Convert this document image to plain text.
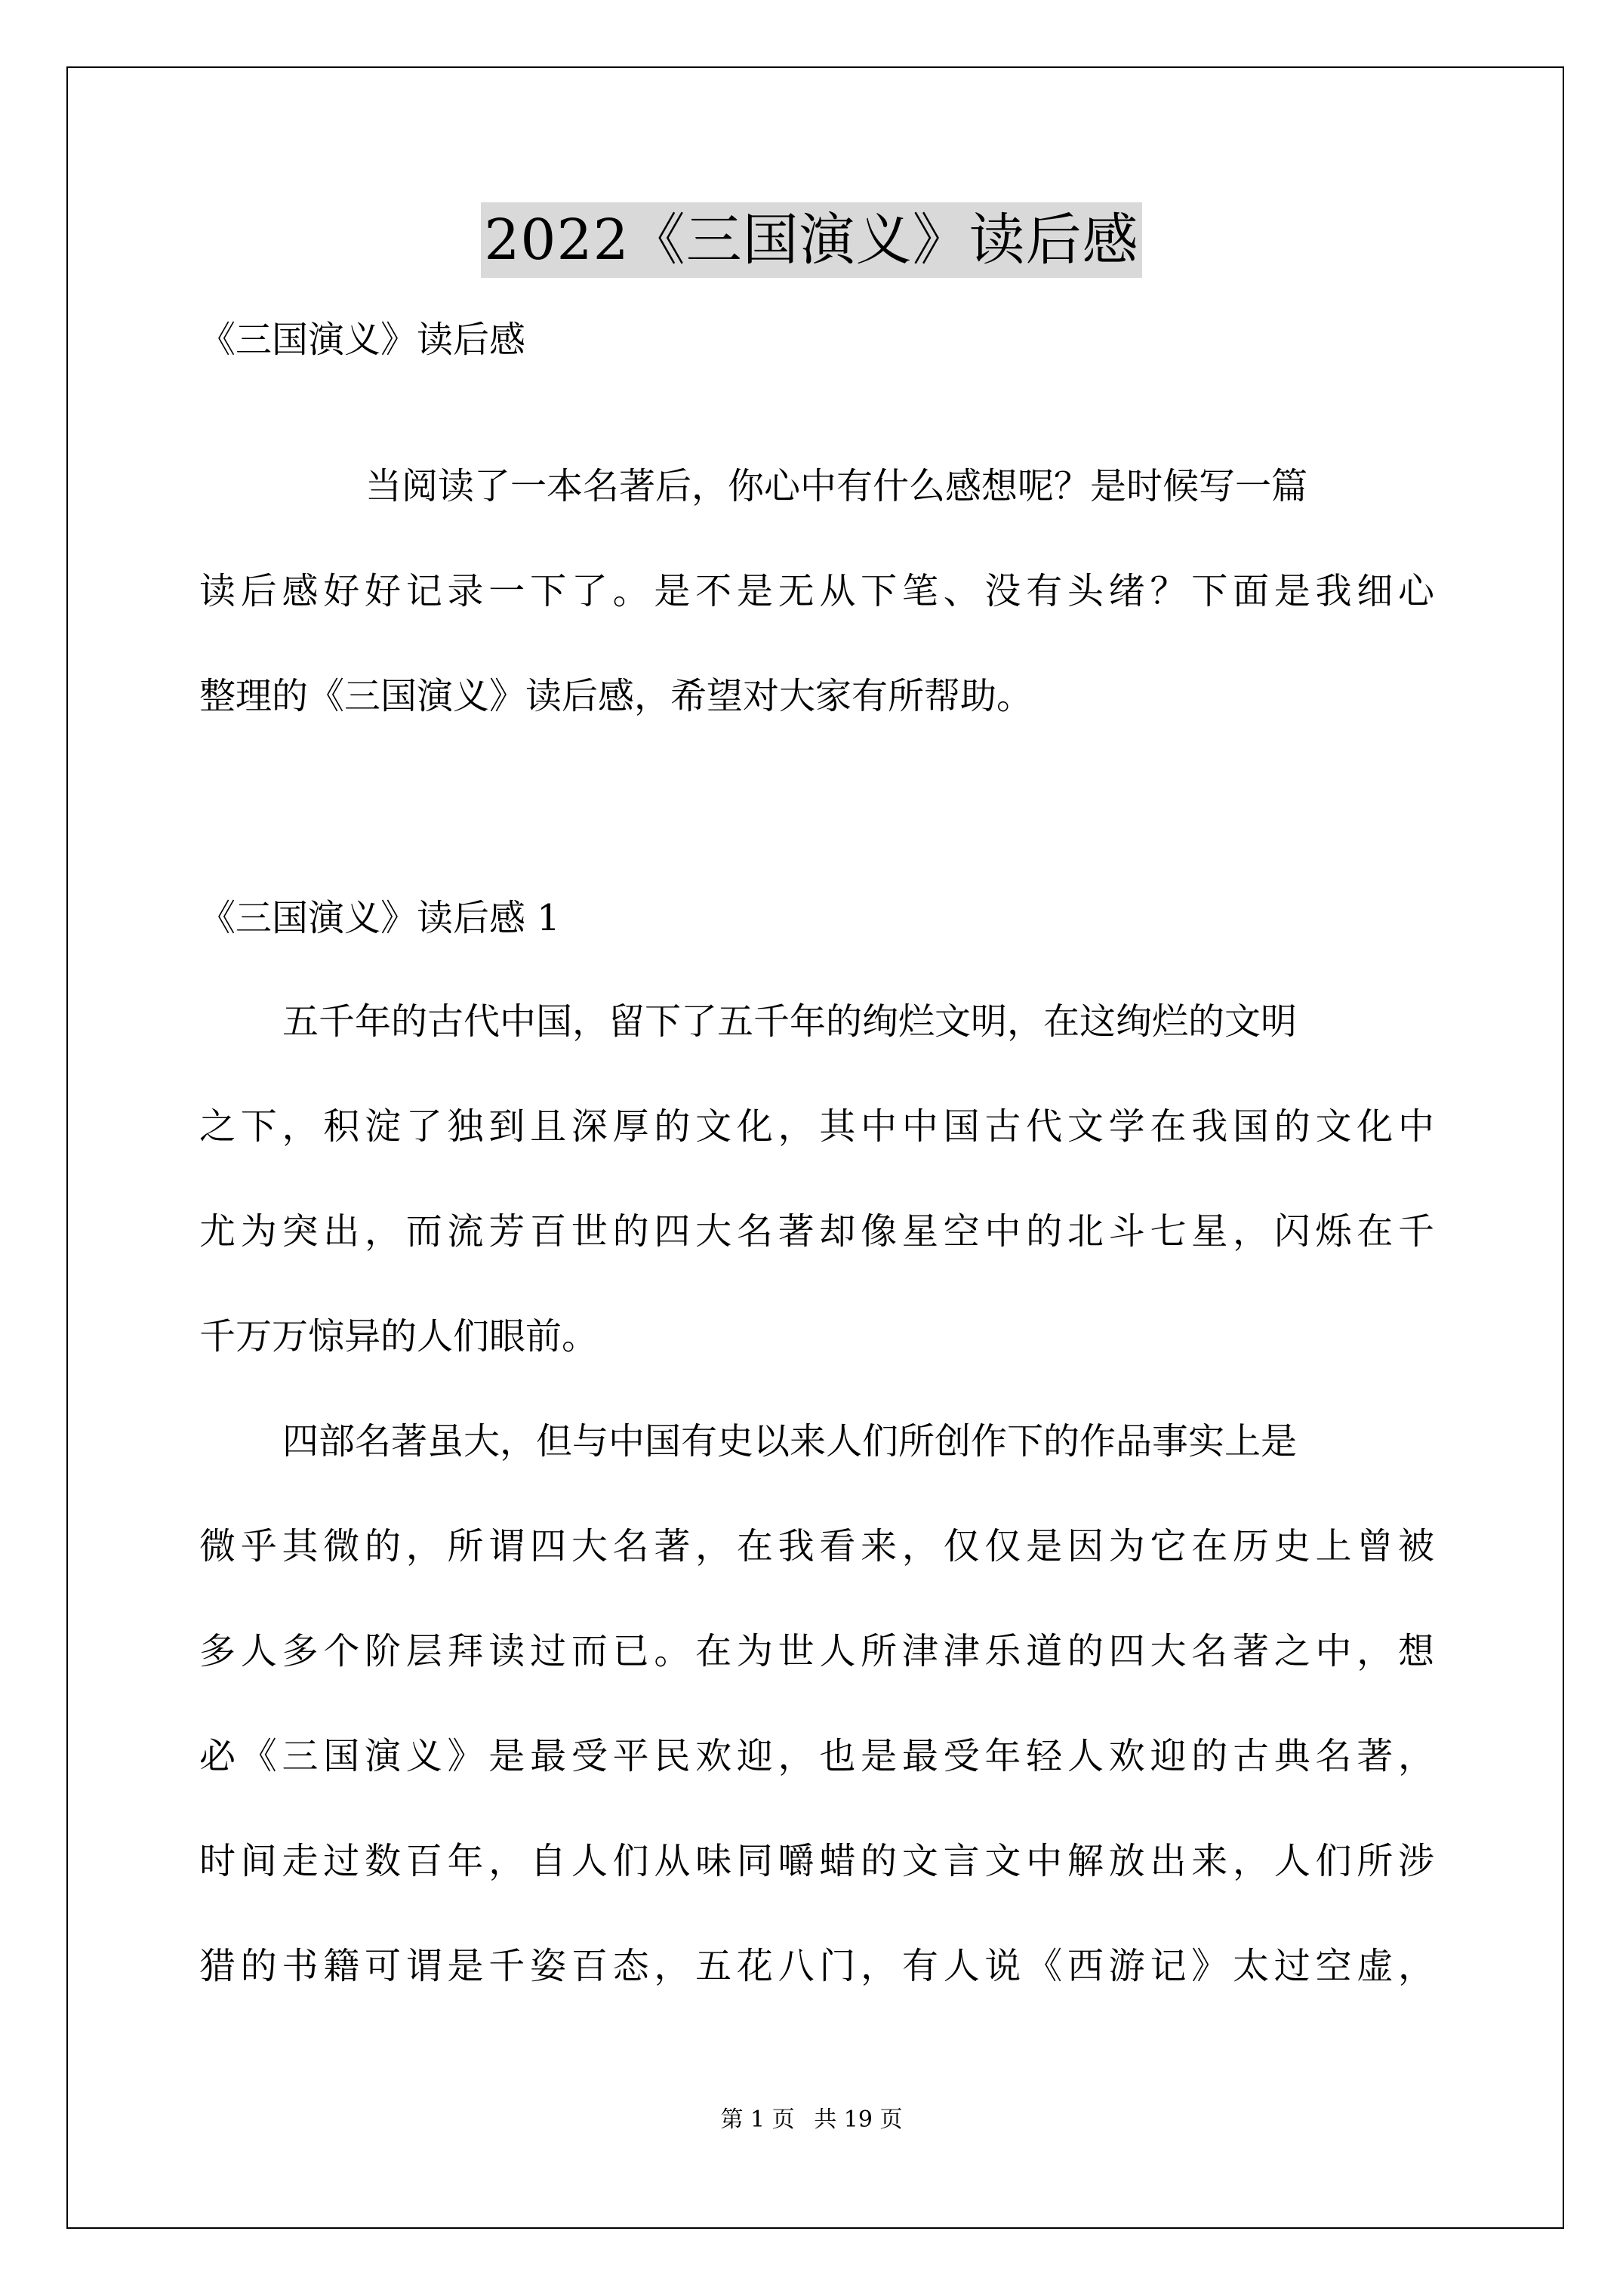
2022《三国演义》读后感
《三国演义》读后感
当阅读了一本名著后，你心中有什么感想呢？是时候写一篇
读后感好好记录一下了。是不是无从下笔、没有头绪？下面是我细心
整理的《三国演义》读后感，希望对大家有所帮助。
《三国演义》读后感 1
五千年的古代中国，留下了五千年的绚烂文明，在这绚烂的文明
之下，积淀了独到且深厚的文化，其中中国古代文学在我国的文化中
尤为突出，而流芳百世的四大名著却像星空中的北斗七星，闪烁在千
千万万惊异的人们眼前。
四部名著虽大，但与中国有史以来人们所创作下的作品事实上是
微乎其微的，所谓四大名著，在我看来，仅仅是因为它在历史上曾被
多人多个阶层拜读过而已。在为世人所津津乐道的四大名著之中，想
必《三国演义》是最受平民欢迎，也是最受年轻人欢迎的古典名著，
时间走过数百年，自人们从味同嚼蜡的文言文中解放出来，人们所涉
猎的书籍可谓是千姿百态，五花八门，有人说《西游记》太过空虚，
第 1 页 共 19 页
